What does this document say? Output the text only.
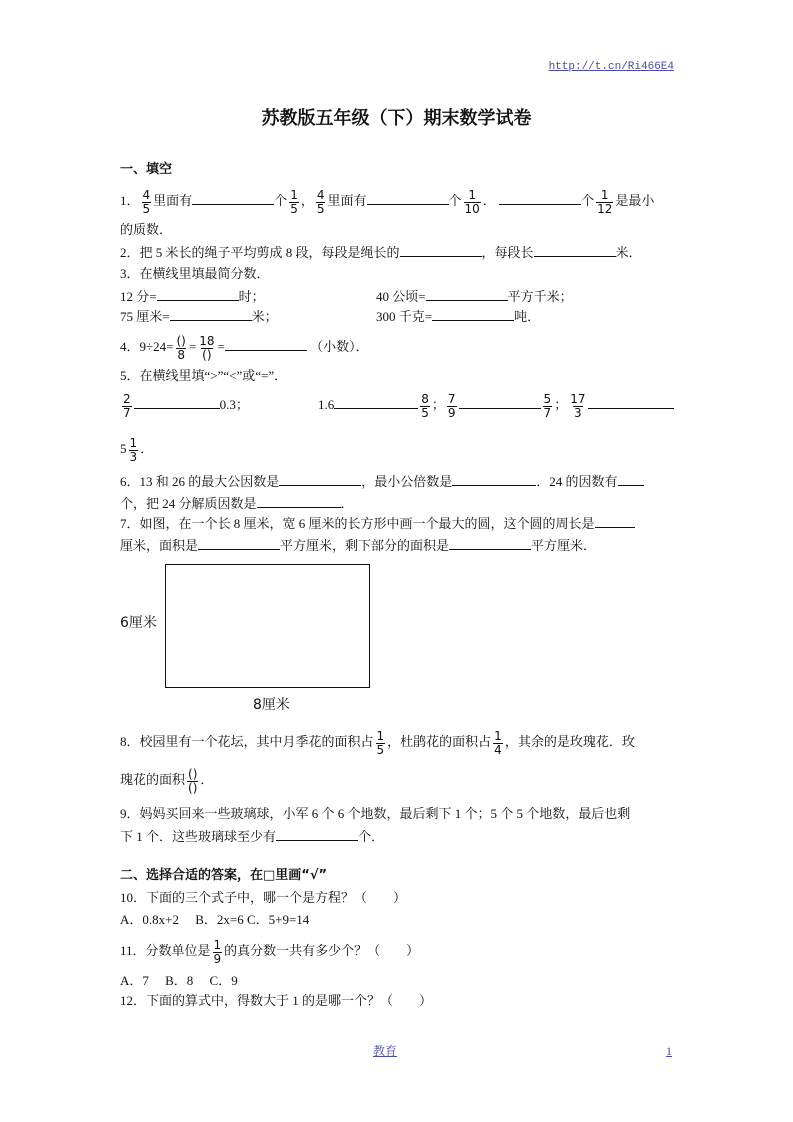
http://t.cn/Ri466E4
苏教版五年级（下）期末数学试卷
一、填空
1． $\frac{4}{5}$ 里面有	个 $\frac{1}{5}$ ， $\frac{4}{5}$ 里面有	个 $\frac{1}{10}$ ．	个 $\frac{1}{12}$ 是最小
的质数．
2．把 5 米长的绳子平均剪成 8 段，每段是绳长的	，每段长	米．
3．在横线里填最简分数．
12 分=	时；	40 公顷=	平方千米；
75 厘米=	米；	300 千克=	吨．
4．$9\div 24= \frac{()}{8} = \frac{18}{()}$ =	（小数）．
5．在横线里填“>”“<”或“=”．
$\frac{2}{7}$	0.3；	1.6	$\frac{8}{5}$ ； $\frac{7}{9}$	$\frac{5}{7}$ ； $\frac{17}{3}$
$5 \frac{1}{3}$ ．
6．13 和 26 的最大公因数是	，最小公倍数是	．24 的因数有
个，把 24 分解质因数是	．
7．如图，在一个长 8 厘米，宽 6 厘米的长方形中画一个最大的圆，这个圆的周长是
厘米，面积是	平方厘米，剩下部分的面积是	平方厘米．
6厘米
8厘米
8．校园里有一个花坛，其中月季花的面积占 $\frac{1}{5}$ ，杜鹃花的面积占 $\frac{1}{4}$ ，其余的是玫瑰花．玫
瑰花的面积 $\frac{()}{()}$ ．
9．妈妈买回来一些玻璃球，小军 6 个 6 个地数，最后剩下 1 个；5 个 5 个地数，最后也剩
下 1 个．这些玻璃球至少有	个．
二、选择合适的答案，在□里画“√”
10．下面的三个式子中，哪一个是方程？（　　）
A．0.8x+2　 B．2x=6 C．5+9=14
11．分数单位是 $\frac{1}{9}$ 的真分数一共有多少个？（　　）
A．7　 B．8　 C．9
12．下面的算式中，得数大于 1 的是哪一个？（　　）
教育	1
